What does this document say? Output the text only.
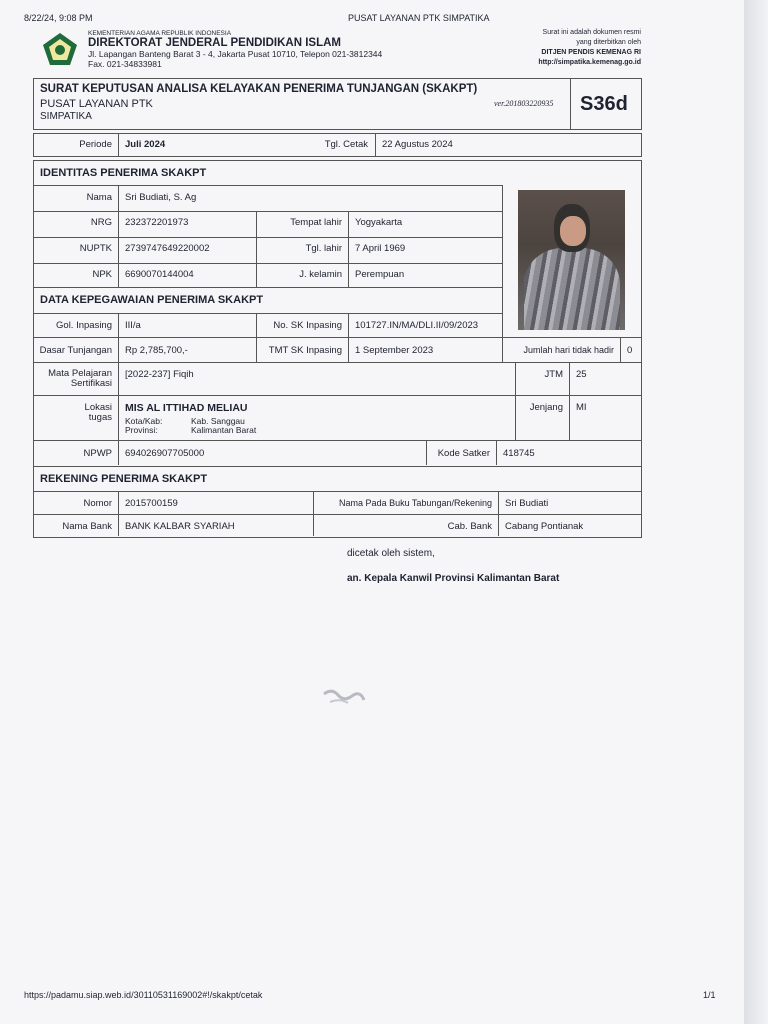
8/22/24, 9:08 PM	PUSAT LAYANAN PTK SIMPATIKA
KEMENTERIAN AGAMA REPUBLIK INDONESIA
DIREKTORAT JENDERAL PENDIDIKAN ISLAM
Jl. Lapangan Banteng Barat 3 - 4, Jakarta Pusat 10710, Telepon 021-3812344
Fax. 021-34833981
Surat ini adalah dokumen resmi
yang diterbitkan oleh
DITJEN PENDIS KEMENAG RI
http://simpatika.kemenag.go.id
SURAT KEPUTUSAN ANALISA KELAYAKAN PENERIMA TUNJANGAN (SKAKPT)
PUSAT LAYANAN PTK
SIMPATIKA
ver.201803220935 S36d
Periode	Juli 2024	Tgl. Cetak	22 Agustus 2024
IDENTITAS PENERIMA SKAKPT
Nama	Sri Budiati, S. Ag
NRG	232372201973	Tempat lahir	Yogyakarta
NUPTK	2739747649220002	Tgl. lahir	7 April 1969
NPK	6690070144004	J. kelamin	Perempuan
DATA KEPEGAWAIAN PENERIMA SKAKPT
Gol. Inpasing	III/a	No. SK Inpasing	101727.IN/MA/DLI.II/09/2023
Dasar Tunjangan	Rp 2,785,700,-	TMT SK Inpasing	1 September 2023	Jumlah hari tidak hadir	0
Mata Pelajaran
Sertifikasi
[2022-237] Fiqih	JTM	25
Lokasi
tugas
MIS AL ITTIHAD MELIAU
Kota/Kab:	Kab. Sanggau
Provinsi:	Kalimantan Barat
Jenjang	MI
NPWP	694026907705000	Kode Satker	418745
REKENING PENERIMA SKAKPT
Nomor	2015700159	Nama Pada Buku Tabungan/Rekening	Sri Budiati
Nama Bank	BANK KALBAR SYARIAH	Cab. Bank	Cabang Pontianak
dicetak oleh sistem,
an. Kepala Kanwil Provinsi Kalimantan Barat
https://padamu.siap.web.id/30110531169002#!/skakpt/cetak	1/1
